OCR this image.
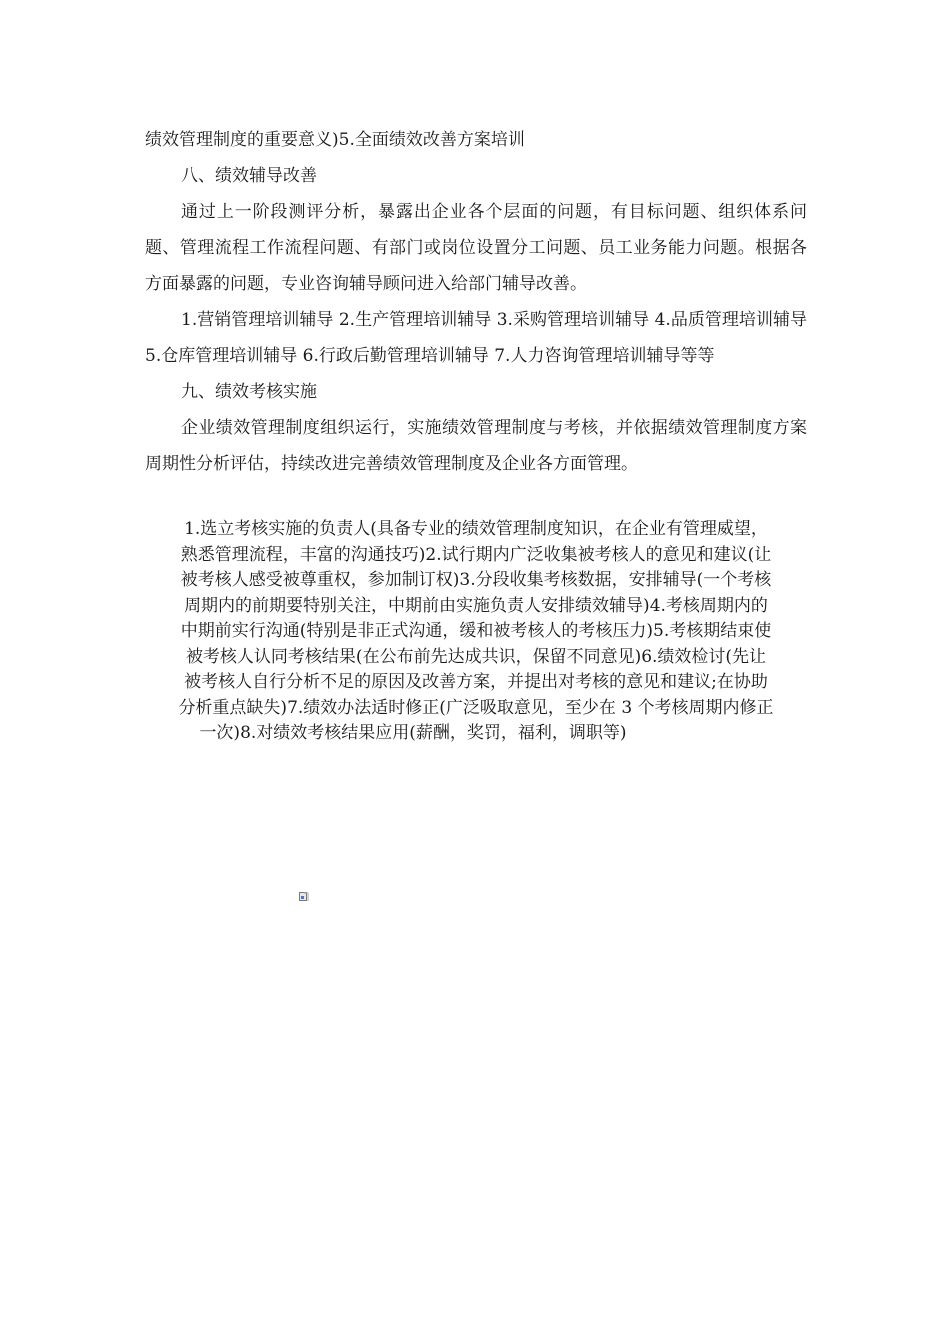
绩效管理制度的重要意义)5.全面绩效改善方案培训

八、绩效辅导改善

通过上一阶段测评分析，暴露出企业各个层面的问题，有目标问题、组织体系问题、管理流程工作流程问题、有部门或岗位设置分工问题、员工业务能力问题。根据各方面暴露的问题，专业咨询辅导顾问进入给部门辅导改善。

1.营销管理培训辅导 2.生产管理培训辅导 3.采购管理培训辅导 4.品质管理培训辅导 5.仓库管理培训辅导 6.行政后勤管理培训辅导 7.人力咨询管理培训辅导等等

九、绩效考核实施

企业绩效管理制度组织运行，实施绩效管理制度与考核，并依据绩效管理制度方案周期性分析评估，持续改进完善绩效管理制度及企业各方面管理。

1.选立考核实施的负责人(具备专业的绩效管理制度知识，在企业有管理威望，
熟悉管理流程，丰富的沟通技巧)2.试行期内广泛收集被考核人的意见和建议(让
被考核人感受被尊重权，参加制订权)3.分段收集考核数据，安排辅导(一个考核
周期内的前期要特别关注，中期前由实施负责人安排绩效辅导)4.考核周期内的
中期前实行沟通(特别是非正式沟通，缓和被考核人的考核压力)5.考核期结束使
被考核人认同考核结果(在公布前先达成共识，保留不同意见)6.绩效检讨(先让
被考核人自行分析不足的原因及改善方案，并提出对考核的意见和建议;在协助
分析重点缺失)7.绩效办法适时修正(广泛吸取意见，至少在 3 个考核周期内修正
一次)8.对绩效考核结果应用(薪酬，奖罚，福利，调职等)
